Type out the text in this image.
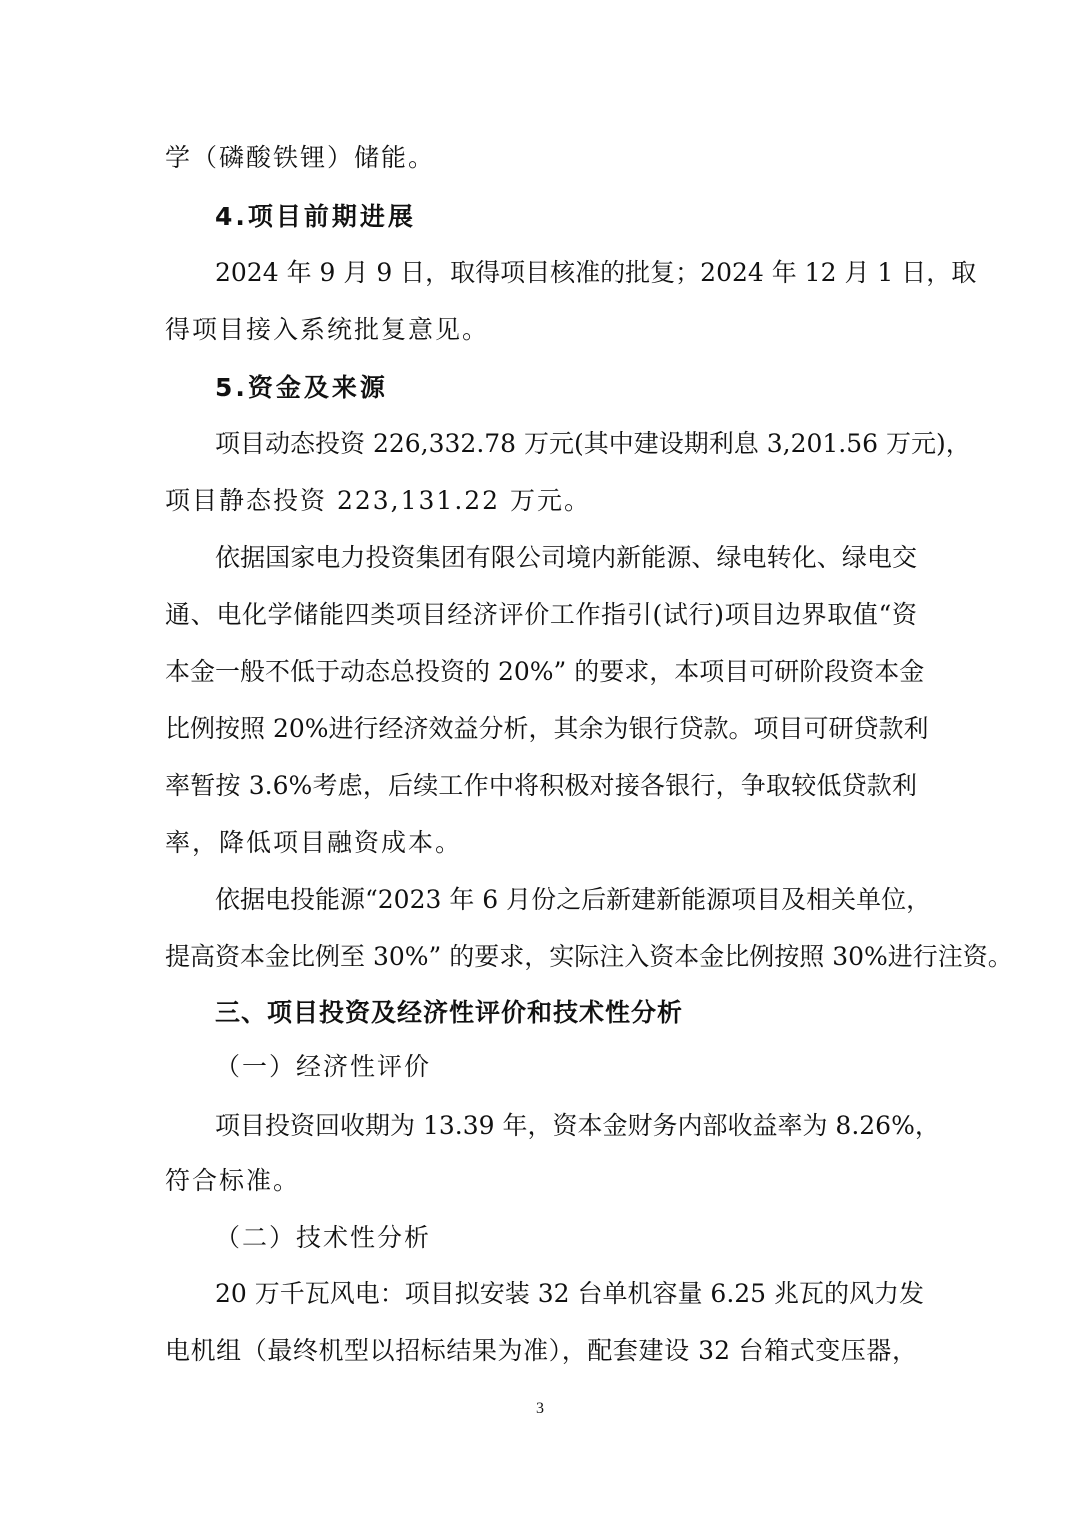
学（磷酸铁锂）储能。
4.项目前期进展
2024 年 9 月 9 日，取得项目核准的批复；2024 年 12 月 1 日，取
得项目接入系统批复意见。
5.资金及来源
项目动态投资 226,332.78 万元(其中建设期利息 3,201.56 万元)，
项目静态投资 223,131.22 万元。
依据国家电力投资集团有限公司境内新能源、绿电转化、绿电交
通、电化学储能四类项目经济评价工作指引(试行)项目边界取值“资
本金一般不低于动态总投资的 20%” 的要求，本项目可研阶段资本金
比例按照 20%进行经济效益分析，其余为银行贷款。项目可研贷款利
率暂按 3.6%考虑，后续工作中将积极对接各银行，争取较低贷款利
率，降低项目融资成本。
依据电投能源“2023 年 6 月份之后新建新能源项目及相关单位，
提高资本金比例至 30%” 的要求，实际注入资本金比例按照 30%进行注资。
三、项目投资及经济性评价和技术性分析
（一）经济性评价
项目投资回收期为 13.39 年，资本金财务内部收益率为 8.26%，
符合标准。
（二）技术性分析
20 万千瓦风电：项目拟安装 32 台单机容量 6.25 兆瓦的风力发
电机组（最终机型以招标结果为准），配套建设 32 台箱式变压器，
3
